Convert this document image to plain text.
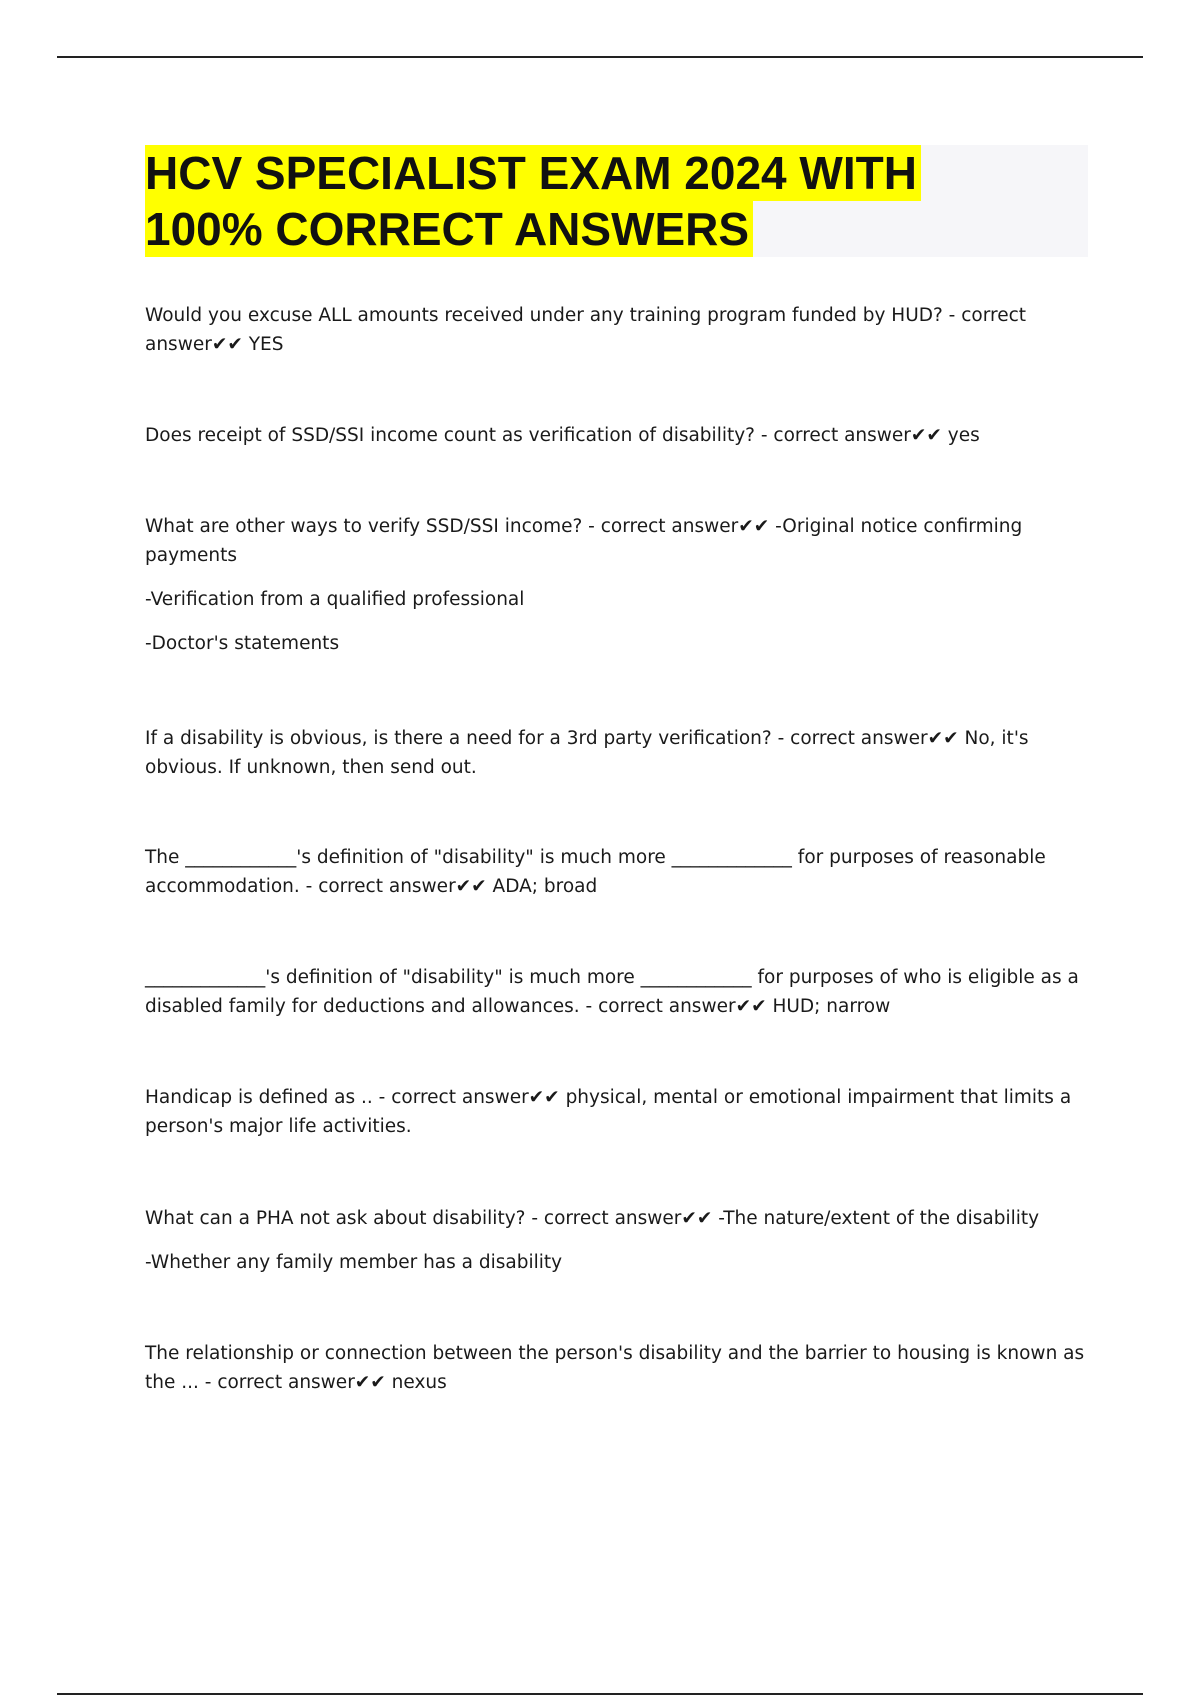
HCV SPECIALIST EXAM 2024 WITH
100% CORRECT ANSWERS

Would you excuse ALL amounts received under any training program funded by HUD? - correct answer✔✔ YES

Does receipt of SSD/SSI income count as verification of disability? - correct answer✔✔ yes

What are other ways to verify SSD/SSI income? - correct answer✔✔ -Original notice confirming payments

-Verification from a qualified professional

-Doctor's statements

If a disability is obvious, is there a need for a 3rd party verification? - correct answer✔✔ No, it's obvious. If unknown, then send out.

The ____________'s definition of "disability" is much more _____________ for purposes of reasonable accommodation. - correct answer✔✔ ADA; broad

_____________'s definition of "disability" is much more ____________ for purposes of who is eligible as a disabled family for deductions and allowances. - correct answer✔✔ HUD; narrow

Handicap is defined as .. - correct answer✔✔ physical, mental or emotional impairment that limits a person's major life activities.

What can a PHA not ask about disability? - correct answer✔✔ -The nature/extent of the disability

-Whether any family member has a disability

The relationship or connection between the person's disability and the barrier to housing is known as the ... - correct answer✔✔ nexus
